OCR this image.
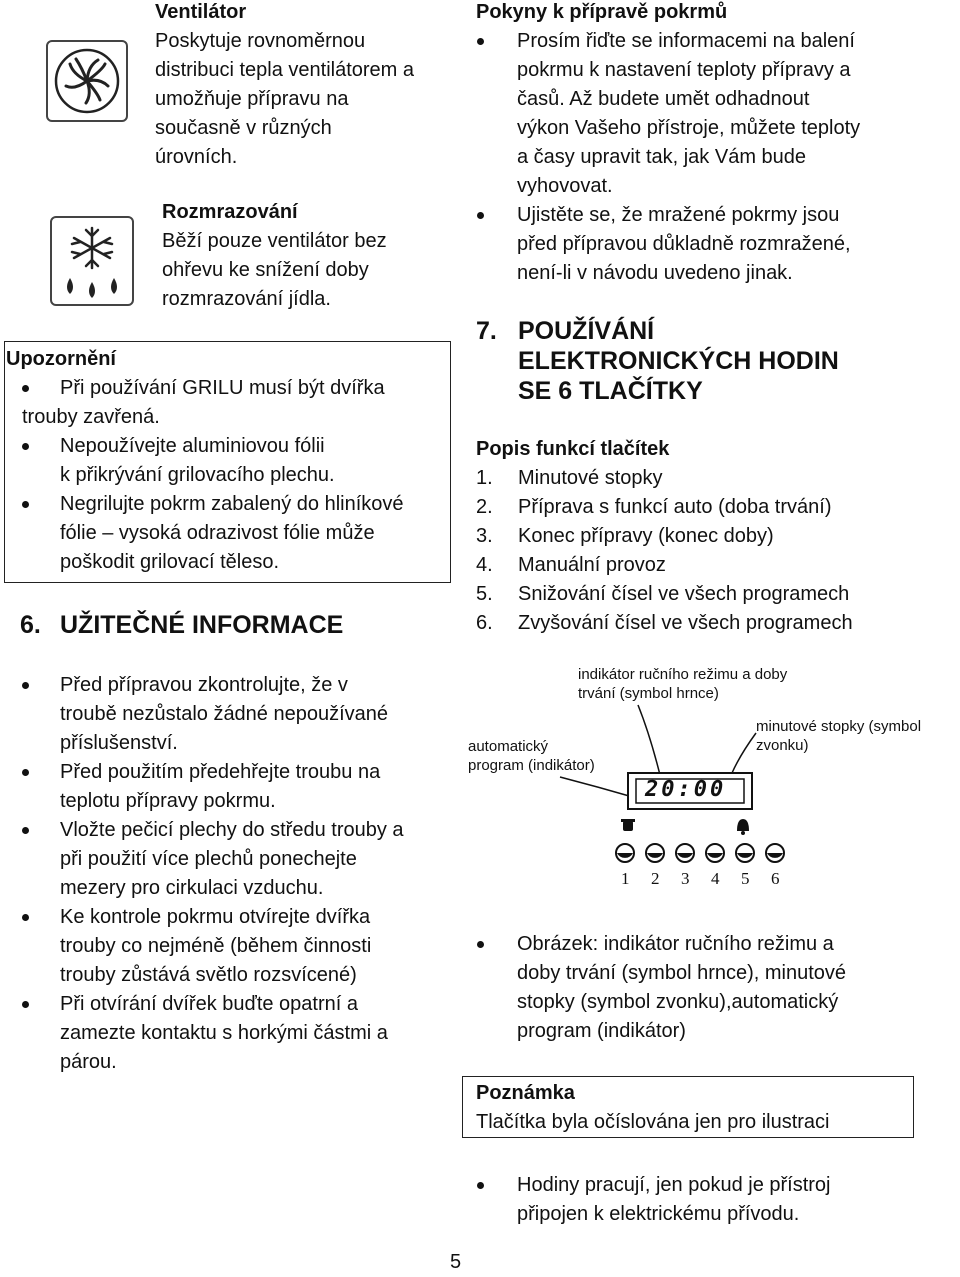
Ventilátor
Poskytuje rovnoměrnou
distribuci tepla ventilátorem a
umožňuje přípravu na
současně v různých
úrovních.
Rozmrazování
Běží pouze ventilátor bez
ohřevu ke snížení doby
rozmrazování jídla.
Upozornění
Při používání GRILU musí být dvířka
trouby zavřená.
Nepoužívejte aluminiovou fólii
k přikrývání grilovacího plechu.
Negrilujte pokrm zabalený do hliníkové
fólie – vysoká odrazivost fólie může
poškodit grilovací těleso.
6. UŽITEČNÉ INFORMACE
Před přípravou zkontrolujte, že v
troubě nezůstalo žádné nepoužívané
příslušenství.
Před použitím předehřejte troubu na
teplotu přípravy pokrmu.
Vložte pečicí plechy do středu trouby a
při použití více plechů ponechejte
mezery pro cirkulaci vzduchu.
Ke kontrole pokrmu otvírejte dvířka
trouby co nejméně (během činnosti
trouby zůstává světlo rozsvícené)
Při otvírání dvířek buďte opatrní a
zamezte kontaktu s horkými částmi a
párou.
Pokyny k přípravě pokrmů
Prosím řiďte se informacemi na balení
pokrmu k nastavení teploty přípravy a
časů. Až budete umět odhadnout
výkon Vašeho přístroje, můžete teploty
a časy upravit tak, jak Vám bude
vyhovovat.
Ujistěte se, že mražené pokrmy jsou
před přípravou důkladně rozmražené,
není-li v návodu uvedeno jinak.
7. POUŽÍVÁNÍ
ELEKTRONICKÝCH HODIN
SE 6 TLAČÍTKY
Popis funkcí tlačítek
1. Minutové stopky
2. Příprava s funkcí auto (doba trvání)
3. Konec přípravy (konec doby)
4. Manuální provoz
5. Snižování čísel ve všech programech
6. Zvyšování čísel ve všech programech
indikátor ručního režimu a doby
trvání (symbol hrnce)
minutové stopky (symbol
zvonku)
automatický
program (indikátor)
20:00
1 2 3 4 5 6
Obrázek: indikátor ručního režimu a
doby trvání (symbol hrnce), minutové
stopky (symbol zvonku),automatický
program (indikátor)
Poznámka
Tlačítka byla očíslována jen pro ilustraci
Hodiny pracují, jen pokud je přístroj
připojen k elektrickému přívodu.
5
